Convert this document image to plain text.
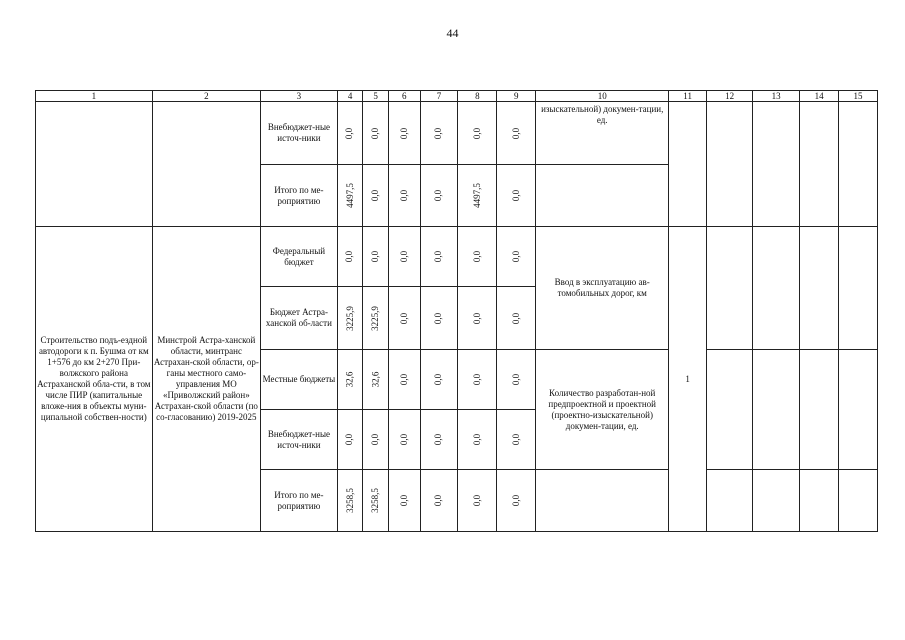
44
1	2	3	4	5	6	7	8	9	10	11	12	13	14	15
		Внебюджет-ные источ-ники	0,0	0,0	0,0	0,0	0,0	0,0	изыскательной) докумен-тации, ед.					
		Итого по ме-роприятию	4497,5	0,0	0,0	0,0	4497,5	0,0						
Строительство подъ-ездной автодороги к п. Бушма от км 1+576 до км 2+270 При-волжского района Астраханской обла-сти, в том числе ПИР (капитальные вложе-ния в объекты муни-ципальной собствен-ности)	Минстрой Астра-ханской области, минтранс Астрахан-ской области, ор-ганы местного само-управления МО «Приволжский район» Астрахан-ской области (по со-гласованию) 2019-2025	Федеральный бюджет	0,0	0,0	0,0	0,0	0,0	0,0	Ввод в эксплуатацию ав-томобильных дорог, км	1				
		Бюджет Астра-ханской об-ласти	3225,9	3225,9	0,0	0,0	0,0	0,0						
		Местные бюджеты	32,6	32,6	0,0	0,0	0,0	0,0	Количество разработан-ной предпроектной и проектной (проектно-изыскательной) докумен-тации, ед.					
		Внебюджет-ные источ-ники	0,0	0,0	0,0	0,0	0,0	0,0						
		Итого по ме-роприятию	3258,5	3258,5	0,0	0,0	0,0	0,0						
